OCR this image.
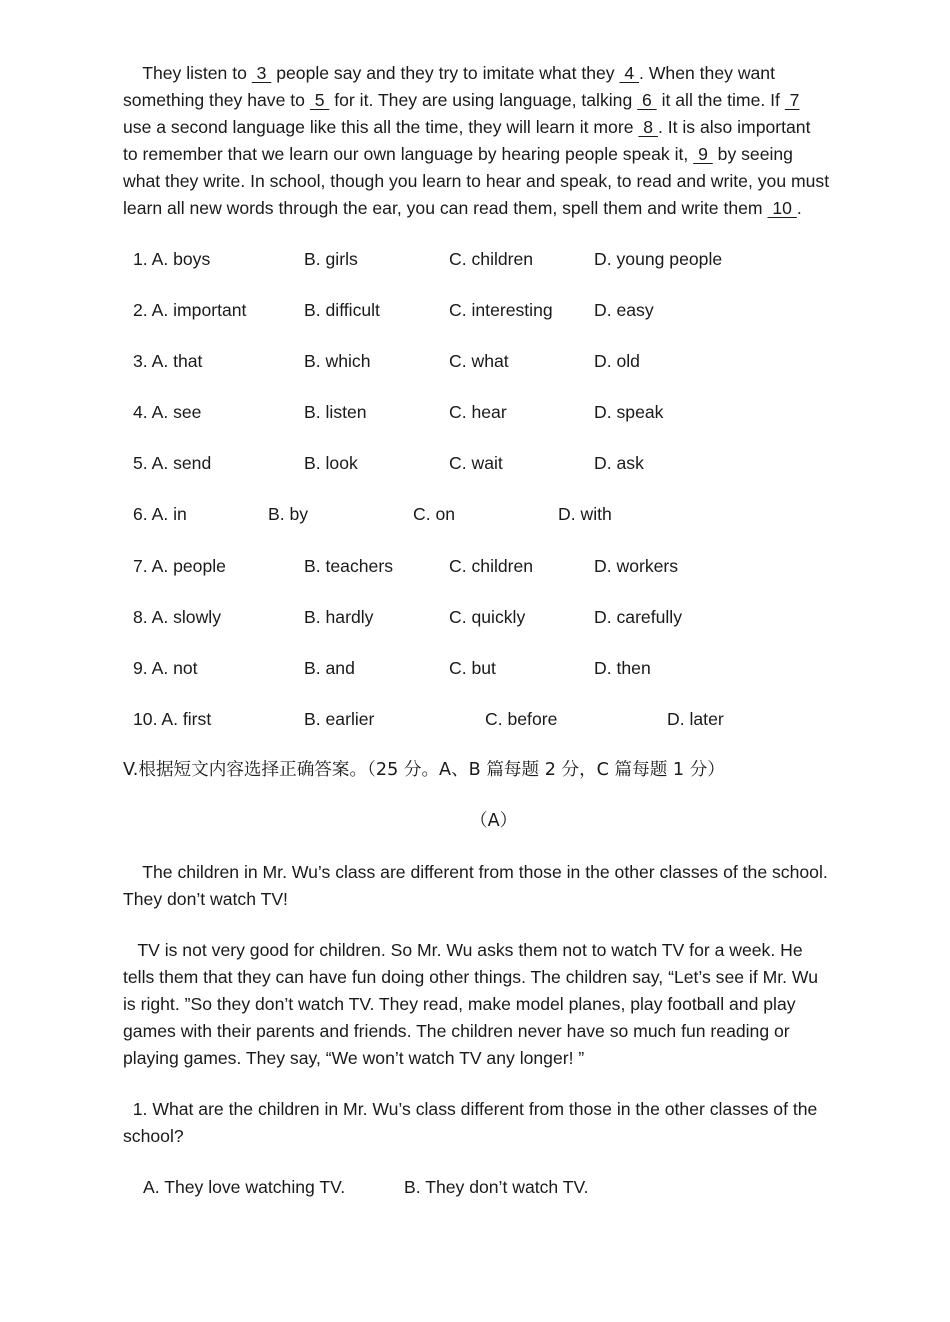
They listen to  3  people say and they try to imitate what they  4 . When they want
something they have to  5  for it. They are using language, talking  6  it all the time. If  7
use a second language like this all the time, they will learn it more  8 . It is also important
to remember that we learn our own language by hearing people speak it,  9  by seeing
what they write. In school, though you learn to hear and speak, to read and write, you must
learn all new words through the ear, you can read them, spell them and write them  10 .
1. A. boys	B. girls	C. children	D. young people
2. A. important	B. difficult	C. interesting D. easy
3. A. that	B. which	C. what	D. old
4. A. see	B. listen	C. hear	D. speak
5. A. send	B. look	C. wait	D. ask
6. A. in	B. by	C. on	D. with
7. A. people	B. teachers	C. children	D. workers
8. A. slowly	B. hardly	C. quickly	D. carefully
9. A. not	B. and	C. but	D. then
10. A. first	B. earlier	C. before	D. later
V.根据短文内容选择正确答案。（25 分。A、B 篇每题 2 分，C 篇每题 1 分）
（A）
The children in Mr. Wu’s class are different from those in the other classes of the school.
They don’t watch TV!
TV is not very good for children. So Mr. Wu asks them not to watch TV for a week. He
tells them that they can have fun doing other things. The children say, “Let’s see if Mr. Wu
is right. ”So they don’t watch TV. They read, make model planes, play football and play
games with their parents and friends. The children never have so much fun reading or
playing games. They say, “We won’t watch TV any longer! ”
1. What are the children in Mr. Wu’s class different from those in the other classes of the
school?
A. They love watching TV.	B. They don’t watch TV.
